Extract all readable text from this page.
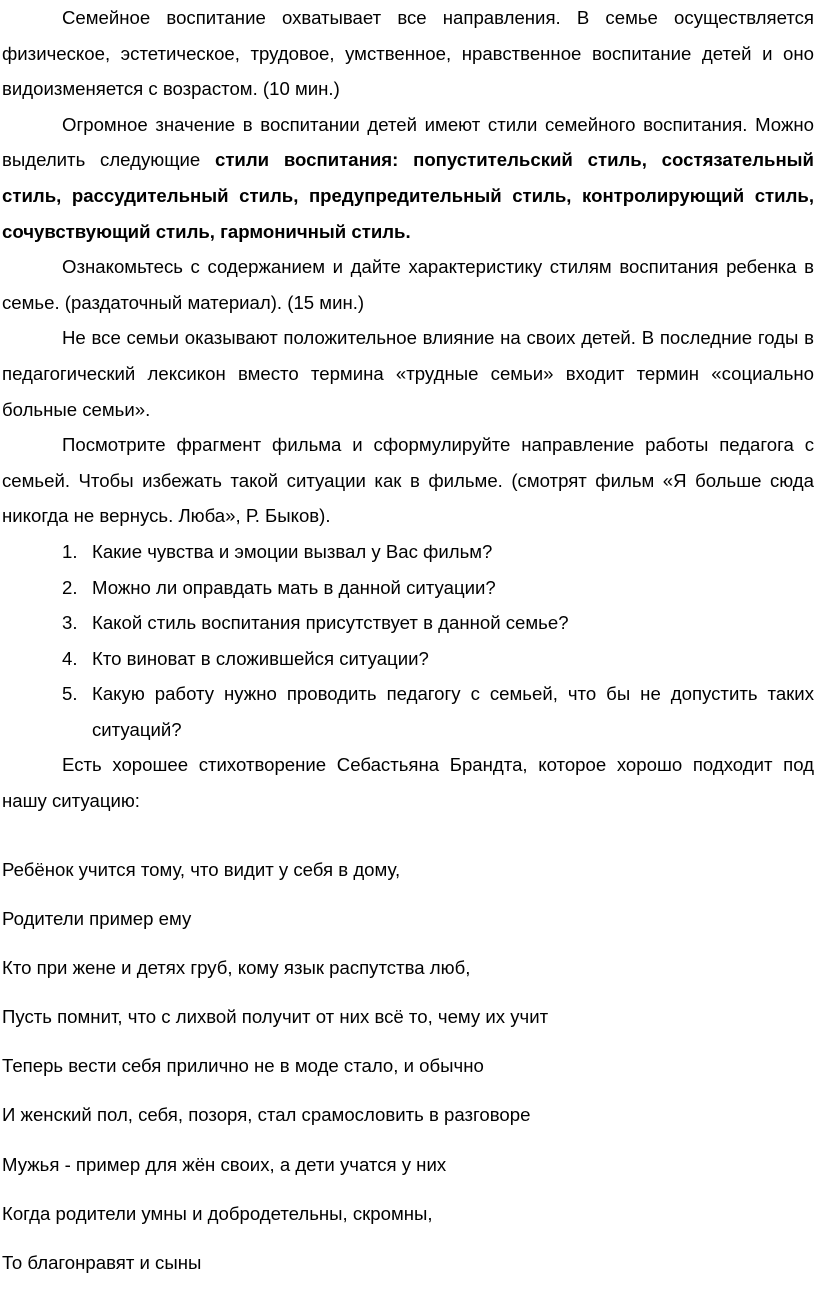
Семейное воспитание охватывает все направления. В семье осуществляется физическое, эстетическое, трудовое, умственное, нравственное воспитание детей и оно видоизменяется с возрастом. (10 мин.)

Огромное значение в воспитании детей имеют стили семейного воспитания. Можно выделить следующие стили воспитания: попустительский стиль, состязательный стиль, рассудительный стиль, предупредительный стиль, контролирующий стиль, сочувствующий стиль, гармоничный стиль.

Ознакомьтесь с содержанием и дайте характеристику стилям воспитания ребенка в семье. (раздаточный материал). (15 мин.)

Не все семьи оказывают положительное влияние на своих детей. В последние годы в педагогический лексикон вместо термина «трудные семьи» входит термин «социально больные семьи».

Посмотрите фрагмент фильма и сформулируйте направление работы педагога с семьей. Чтобы избежать такой ситуации как в фильме. (смотрят фильм «Я больше сюда никогда не вернусь. Люба», Р. Быков).

1. Какие чувства и эмоции вызвал у Вас фильм?
2. Можно ли оправдать мать в данной ситуации?
3. Какой стиль воспитания присутствует в данной семье?
4. Кто виноват в сложившейся ситуации?
5. Какую работу нужно проводить педагогу с семьей, что бы не допустить таких ситуаций?

Есть хорошее стихотворение Себастьяна Брандта, которое хорошо подходит под нашу ситуацию:

Ребёнок учится тому, что видит у себя в дому,
Родители пример ему
Кто при жене и детях груб, кому язык распутства люб,
Пусть помнит, что с лихвой получит от них всё то, чему их учит
Теперь вести себя прилично не в моде стало, и обычно
И женский пол, себя, позоря, стал срамословить в разговоре
Мужья - пример для жён своих, а дети учатся у них
Когда родители умны и добродетельны, скромны,
То благонравят и сыны
